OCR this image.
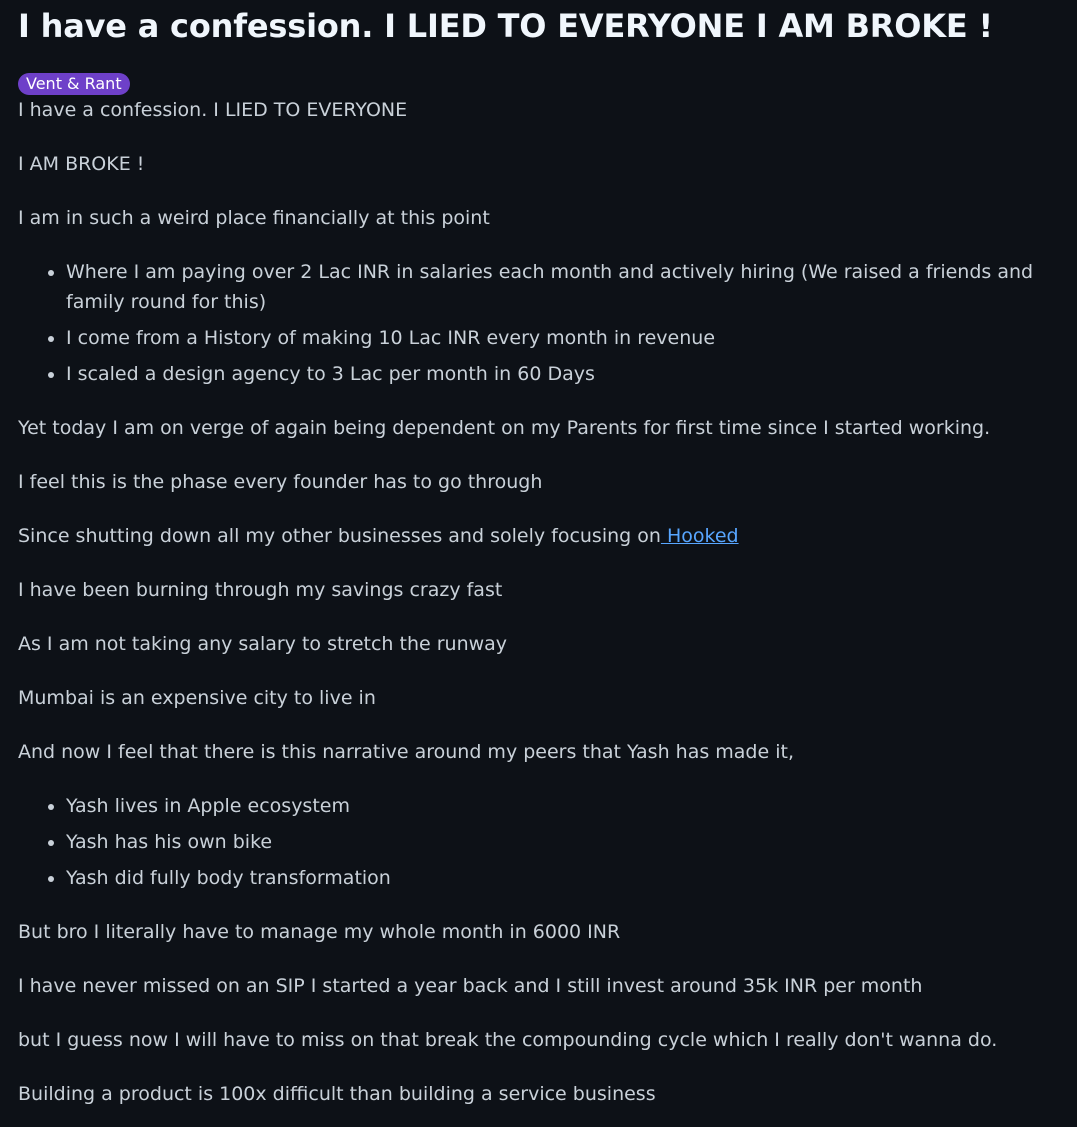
I have a confession. I LIED TO EVERYONE I AM BROKE !
Vent & Rant

I have a confession. I LIED TO EVERYONE

I AM BROKE !

I am in such a weird place financially at this point

• Where I am paying over 2 Lac INR in salaries each month and actively hiring (We raised a friends and family round for this)
• I come from a History of making 10 Lac INR every month in revenue
• I scaled a design agency to 3 Lac per month in 60 Days

Yet today I am on verge of again being dependent on my Parents for first time since I started working.

I feel this is the phase every founder has to go through

Since shutting down all my other businesses and solely focusing on Hooked

I have been burning through my savings crazy fast

As I am not taking any salary to stretch the runway

Mumbai is an expensive city to live in

And now I feel that there is this narrative around my peers that Yash has made it,

• Yash lives in Apple ecosystem
• Yash has his own bike
• Yash did fully body transformation

But bro I literally have to manage my whole month in 6000 INR

I have never missed on an SIP I started a year back and I still invest around 35k INR per month

but I guess now I will have to miss on that break the compounding cycle which I really don't wanna do.

Building a product is 100x difficult than building a service business
